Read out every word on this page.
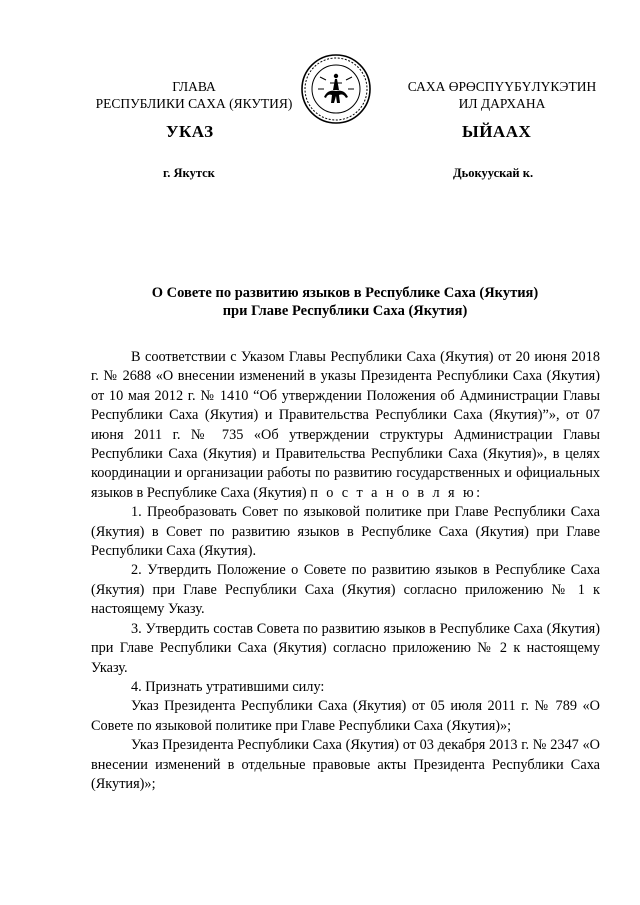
ГЛАВА
РЕСПУБЛИКИ САХА (ЯКУТИЯ)
САХА ӨРӨСПҮҮБҮЛҮКЭТИН
ИЛ ДАРХАНА
УКАЗ	ЫЙААХ
г. Якутск	Дьокуускай к.
О Совете по развитию языков в Республике Саха (Якутия)
при Главе Республики Саха (Якутия)

В соответствии с Указом Главы Республики Саха (Якутия) от 20 июня 2018 г. № 2688 «О внесении изменений в указы Президента Республики Саха (Якутия) от 10 мая 2012 г. № 1410 “Об утверждении Положения об Администрации Главы Республики Саха (Якутия) и Правительства Республики Саха (Якутия)”», от 07 июня 2011 г. № 735 «Об утверждении структуры Администрации Главы Республики Саха (Якутия) и Правительства Республики Саха (Якутия)», в целях координации и организации работы по развитию государственных и официальных языков в Республике Саха (Якутия) п о с т а н о в л я ю:

1. Преобразовать Совет по языковой политике при Главе Республики Саха (Якутия) в Совет по развитию языков в Республике Саха (Якутия) при Главе Республики Саха (Якутия).

2. Утвердить Положение о Совете по развитию языков в Республике Саха (Якутия) при Главе Республики Саха (Якутия) согласно приложению № 1 к настоящему Указу.

3. Утвердить состав Совета по развитию языков в Республике Саха (Якутия) при Главе Республики Саха (Якутия) согласно приложению № 2 к настоящему Указу.

4. Признать утратившими силу:

Указ Президента Республики Саха (Якутия) от 05 июля 2011 г. № 789 «О Совете по языковой политике при Главе Республики Саха (Якутия)»;

Указ Президента Республики Саха (Якутия) от 03 декабря 2013 г. № 2347 «О внесении изменений в отдельные правовые акты Президента Республики Саха (Якутия)»;
